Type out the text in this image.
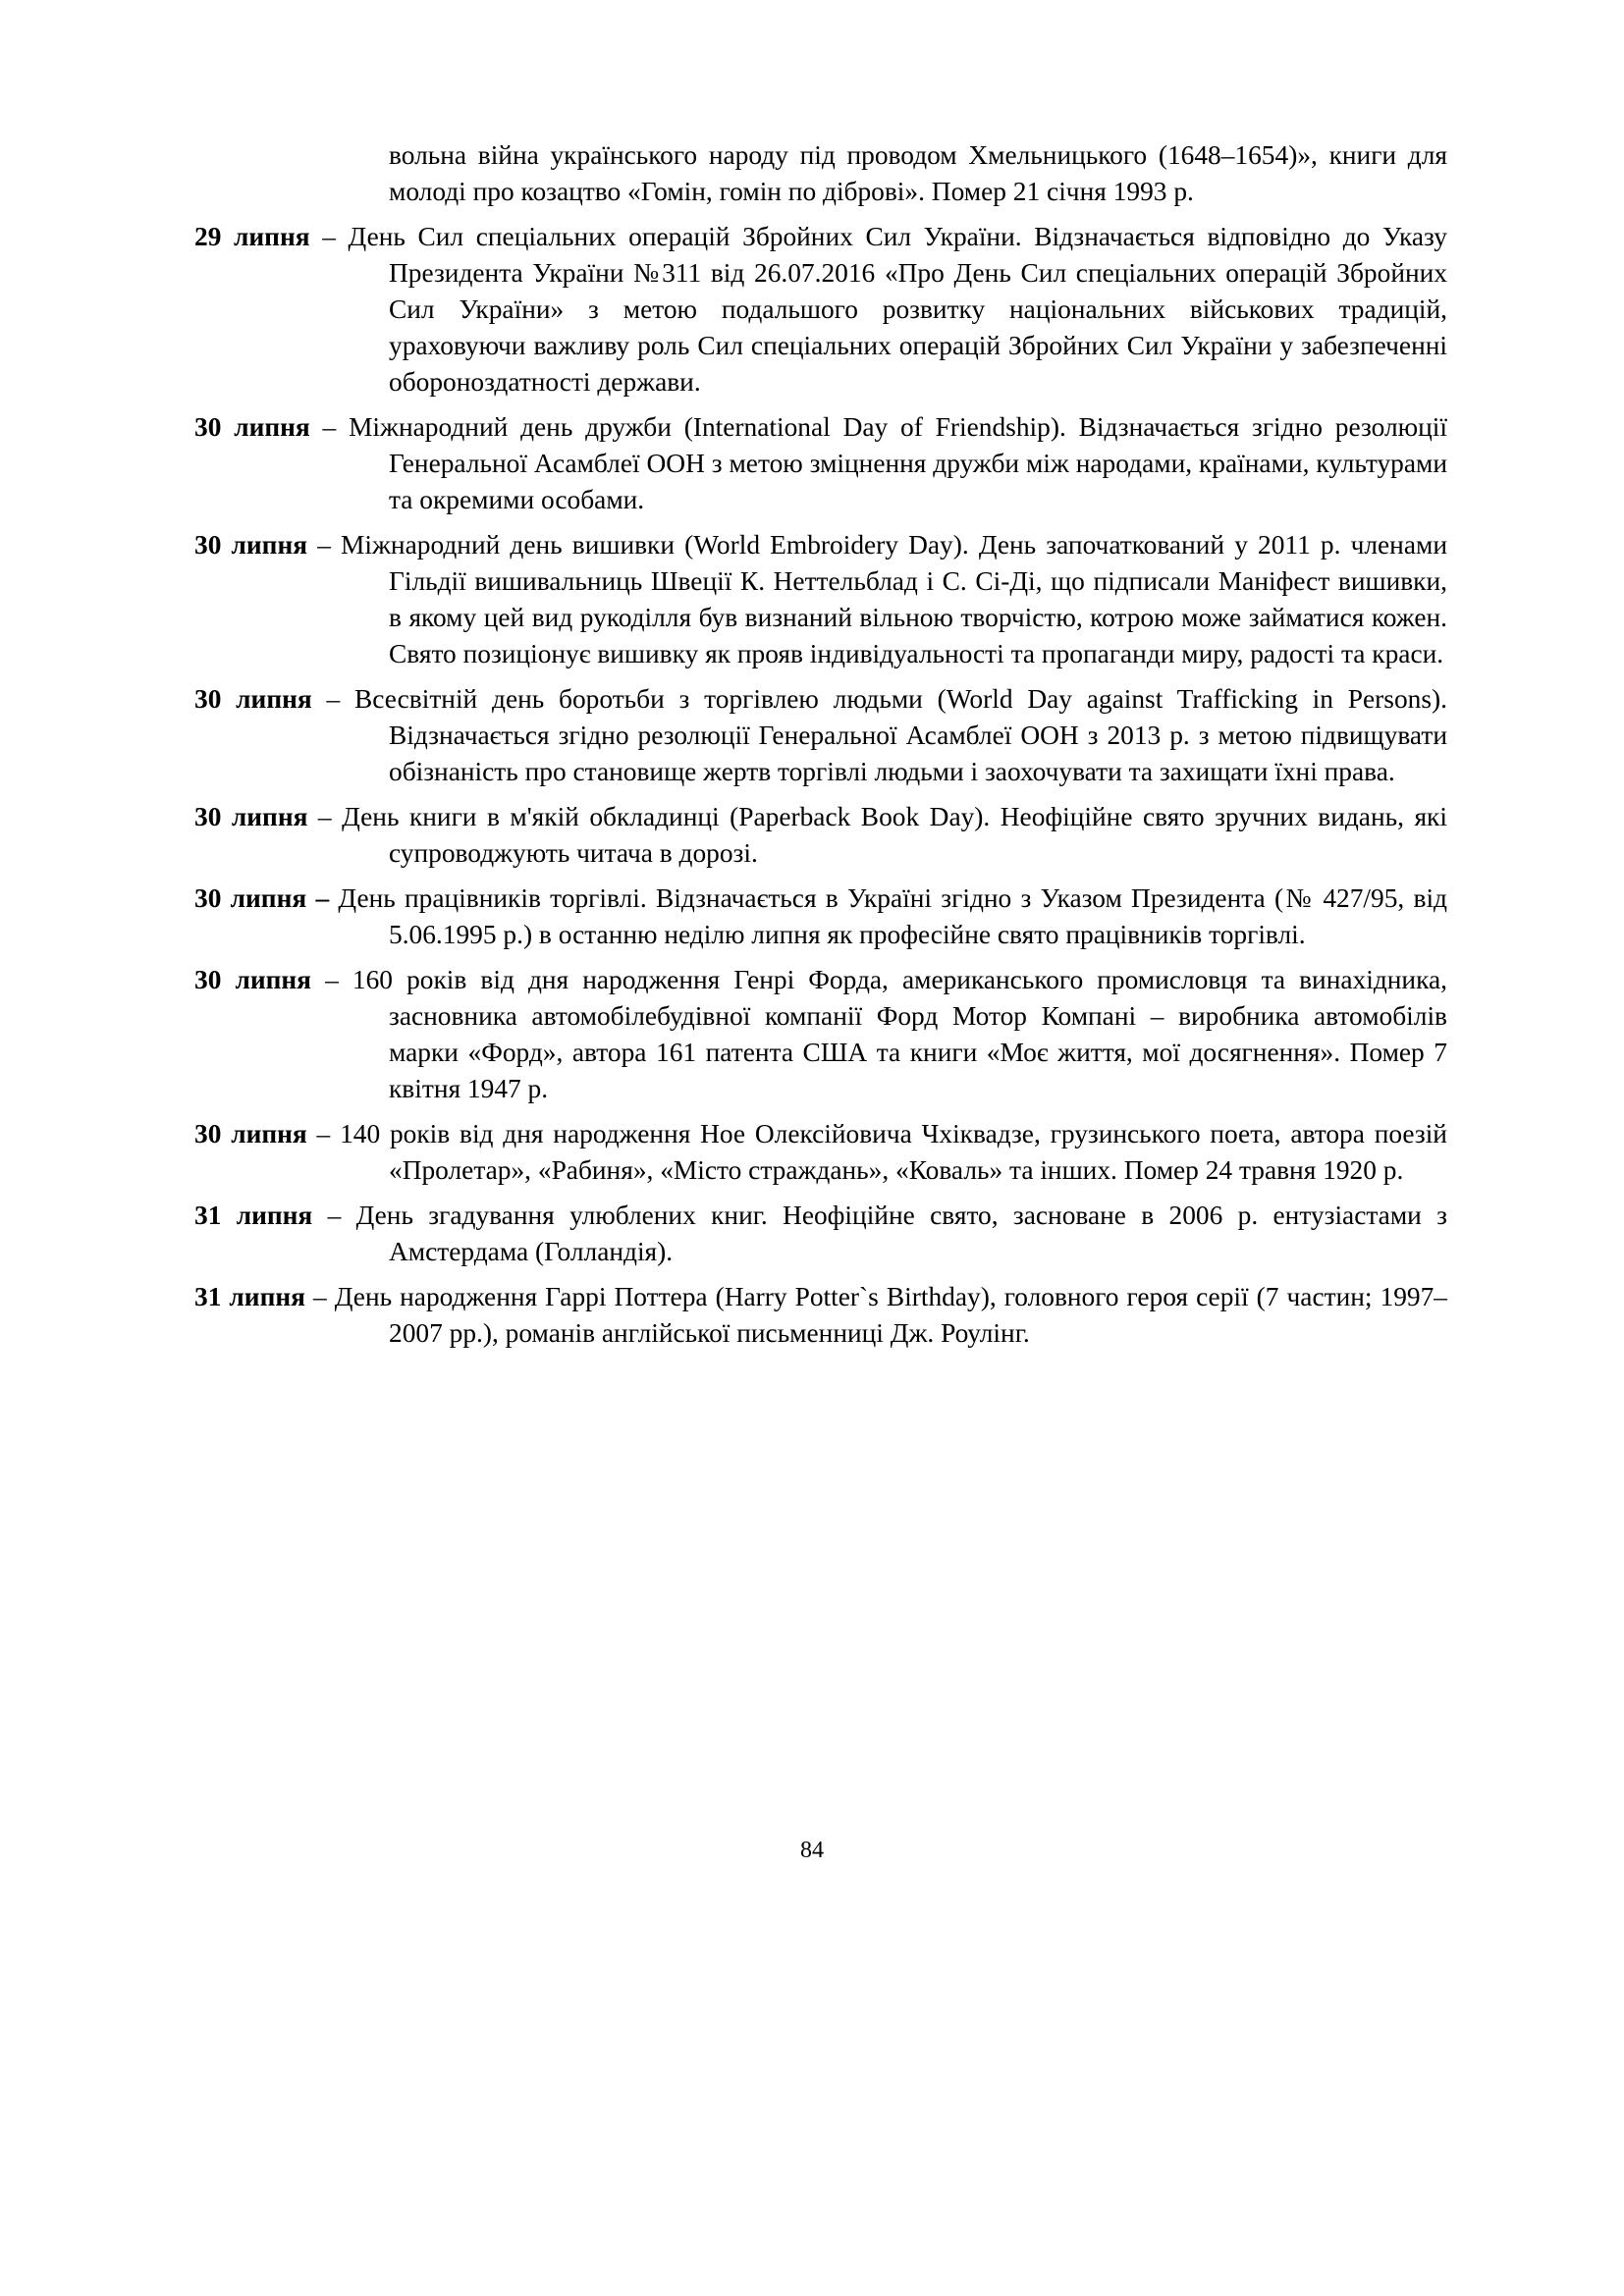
вольна війна українського народу під проводом Хмельницького (1648–1654)», книги для молоді про козацтво «Гомін, гомін по діброві». Помер 21 січня 1993 р.

29 липня – День Сил спеціальних операцій Збройних Сил України. Відзначається відповідно до Указу Президента України №311 від 26.07.2016 «Про День Сил спеціальних операцій Збройних Сил України» з метою подальшого розвитку національних військових традицій, ураховуючи важливу роль Сил спеціальних операцій Збройних Сил України у забезпеченні обороноздатності держави.

30 липня – Міжнародний день дружби (International Day of Friendship). Відзначається згідно резолюції Генеральної Асамблеї ООН з метою зміцнення дружби між народами, країнами, культурами та окремими особами.

30 липня – Міжнародний день вишивки (World Embroidery Day). День започаткований у 2011 р. членами Гільдії вишивальниць Швеції К. Неттельблад і С. Сі-Ді, що підписали Маніфест вишивки, в якому цей вид рукоділля був визнаний вільною творчістю, котрою може займатися кожен. Свято позиціонує вишивку як прояв індивідуальності та пропаганди миру, радості та краси.

30 липня – Всесвітній день боротьби з торгівлею людьми (World Day against Trafficking in Persons). Відзначається згідно резолюції Генеральної Асамблеї ООН з 2013 р. з метою підвищувати обізнаність про становище жертв торгівлі людьми і заохочувати та захищати їхні права.

30 липня – День книги в м'якій обкладинці (Paperback Book Day). Неофіційне свято зручних видань, які супроводжують читача в дорозі.

30 липня – День працівників торгівлі. Відзначається в Україні згідно з Указом Президента (№ 427/95, від 5.06.1995 р.) в останню неділю липня як професійне свято працівників торгівлі.

30 липня – 160 років від дня народження Генрі Форда, американського промисловця та винахідника, засновника автомобілебудівної компанії Форд Мотор Компані – виробника автомобілів марки «Форд», автора 161 патента США та книги «Моє життя, мої досягнення». Помер 7 квітня 1947 р.

30 липня – 140 років від дня народження Ное Олексійовича Чхіквадзе, грузинського поета, автора поезій «Пролетар», «Рабиня», «Місто страждань», «Коваль» та інших. Помер 24 травня 1920 р.

31 липня – День згадування улюблених книг. Неофіційне свято, засноване в 2006 р. ентузіастами з Амстердама (Голландія).

31 липня – День народження Гаррі Поттера (Harry Potter`s Birthday), головного героя серії (7 частин; 1997–2007 рр.), романів англійської письменниці Дж. Роулінг.

84
